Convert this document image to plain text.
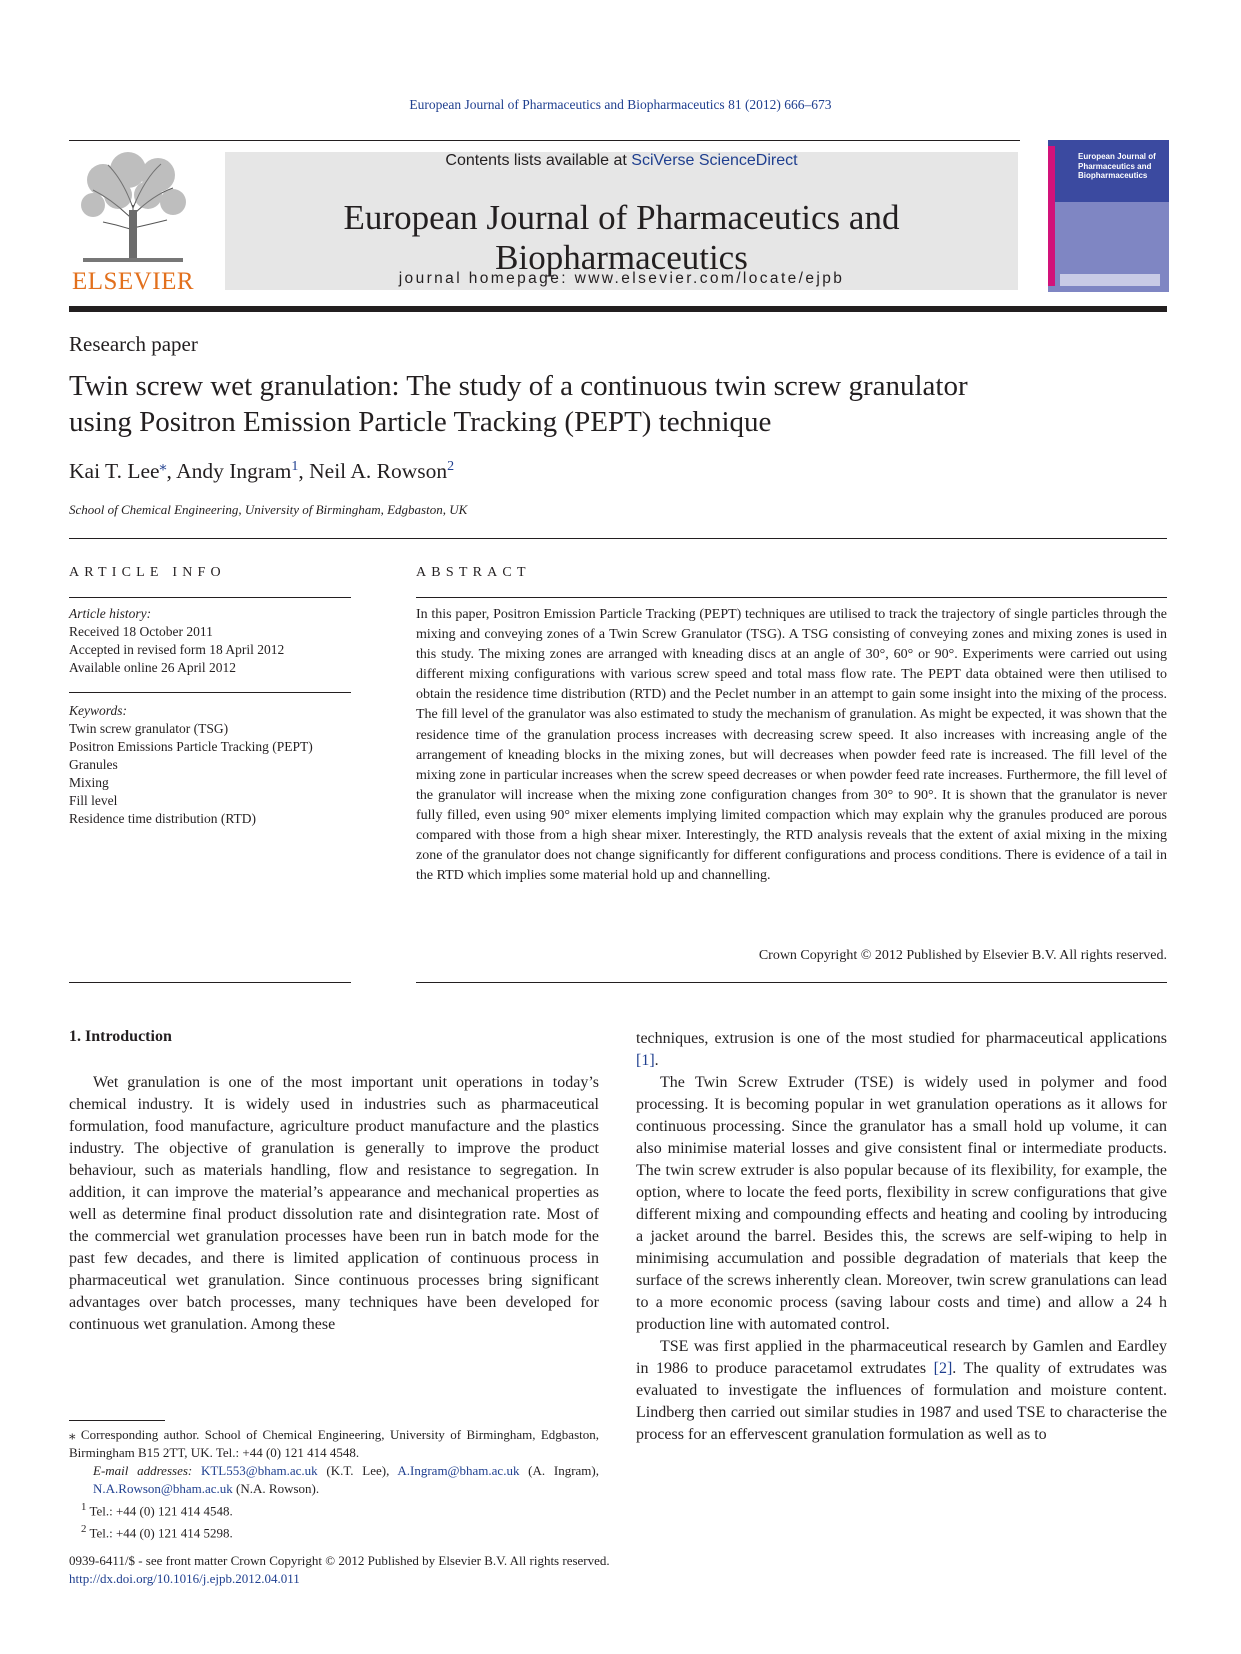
European Journal of Pharmaceutics and Biopharmaceutics 81 (2012) 666–673
ELSEVIER
Contents lists available at SciVerse ScienceDirect
European Journal of Pharmaceutics and Biopharmaceutics
journal homepage: www.elsevier.com/locate/ejpb
European Journal of Pharmaceutics and Biopharmaceutics
Research paper
Twin screw wet granulation: The study of a continuous twin screw granulator
using Positron Emission Particle Tracking (PEPT) technique
Kai T. Lee⁎, Andy Ingram$^1$, Neil A. Rowson$^2$
School of Chemical Engineering, University of Birmingham, Edgbaston, UK
ARTICLE INFO	ABSTRACT
Article history:
Received 18 October 2011
Accepted in revised form 18 April 2012
Available online 26 April 2012
Keywords:
Twin screw granulator (TSG)
Positron Emissions Particle Tracking (PEPT)
Granules
Mixing
Fill level
Residence time distribution (RTD)
In this paper, Positron Emission Particle Tracking (PEPT) techniques are utilised to track the trajectory of single particles through the mixing and conveying zones of a Twin Screw Granulator (TSG). A TSG consisting of conveying zones and mixing zones is used in this study. The mixing zones are arranged with kneading discs at an angle of 30°, 60° or 90°. Experiments were carried out using different mixing configurations with various screw speed and total mass flow rate. The PEPT data obtained were then utilised to obtain the residence time distribution (RTD) and the Peclet number in an attempt to gain some insight into the mixing of the process. The fill level of the granulator was also estimated to study the mechanism of granulation. As might be expected, it was shown that the residence time of the granulation process increases with decreasing screw speed. It also increases with increasing angle of the arrangement of kneading blocks in the mixing zones, but will decreases when powder feed rate is increased. The fill level of the mixing zone in particular increases when the screw speed decreases or when powder feed rate increases. Furthermore, the fill level of the granulator will increase when the mixing zone configuration changes from 30° to 90°. It is shown that the granulator is never fully filled, even using 90° mixer elements implying limited compaction which may explain why the granules produced are porous compared with those from a high shear mixer. Interestingly, the RTD analysis reveals that the extent of axial mixing in the mixing zone of the granulator does not change significantly for different configurations and process conditions. There is evidence of a tail in the RTD which implies some material hold up and channelling.
Crown Copyright © 2012 Published by Elsevier B.V. All rights reserved.
1. Introduction

Wet granulation is one of the most important unit operations in today’s chemical industry. It is widely used in industries such as pharmaceutical formulation, food manufacture, agriculture product manufacture and the plastics industry. The objective of granulation is generally to improve the product behaviour, such as materials handling, flow and resistance to segregation. In addition, it can improve the material’s appearance and mechanical properties as well as determine final product dissolution rate and disintegration rate. Most of the commercial wet granulation processes have been run in batch mode for the past few decades, and there is limited application of continuous process in pharmaceutical wet granulation. Since continuous processes bring significant advantages over batch processes, many techniques have been developed for continuous wet granulation. Among these

techniques, extrusion is one of the most studied for pharmaceutical applications [1].

The Twin Screw Extruder (TSE) is widely used in polymer and food processing. It is becoming popular in wet granulation operations as it allows for continuous processing. Since the granulator has a small hold up volume, it can also minimise material losses and give consistent final or intermediate products. The twin screw extruder is also popular because of its flexibility, for example, the option, where to locate the feed ports, flexibility in screw configurations that give different mixing and compounding effects and heating and cooling by introducing a jacket around the barrel. Besides this, the screws are self-wiping to help in minimising accumulation and possible degradation of materials that keep the surface of the screws inherently clean. Moreover, twin screw granulations can lead to a more economic process (saving labour costs and time) and allow a 24 h production line with automated control.

TSE was first applied in the pharmaceutical research by Gamlen and Eardley in 1986 to produce paracetamol extrudates [2]. The quality of extrudates was evaluated to investigate the influences of formulation and moisture content. Lindberg then carried out similar studies in 1987 and used TSE to characterise the process for an effervescent granulation formulation as well as to

⁎ Corresponding author. School of Chemical Engineering, University of Birmingham, Edgbaston, Birmingham B15 2TT, UK. Tel.: +44 (0) 121 414 4548.

E-mail addresses: KTL553@bham.ac.uk (K.T. Lee), A.Ingram@bham.ac.uk (A. Ingram), N.A.Rowson@bham.ac.uk (N.A. Rowson).

$^1$ Tel.: +44 (0) 121 414 4548.

$^2$ Tel.: +44 (0) 121 414 5298.

0939-6411/$ - see front matter Crown Copyright © 2012 Published by Elsevier B.V. All rights reserved.
http://dx.doi.org/10.1016/j.ejpb.2012.04.011
